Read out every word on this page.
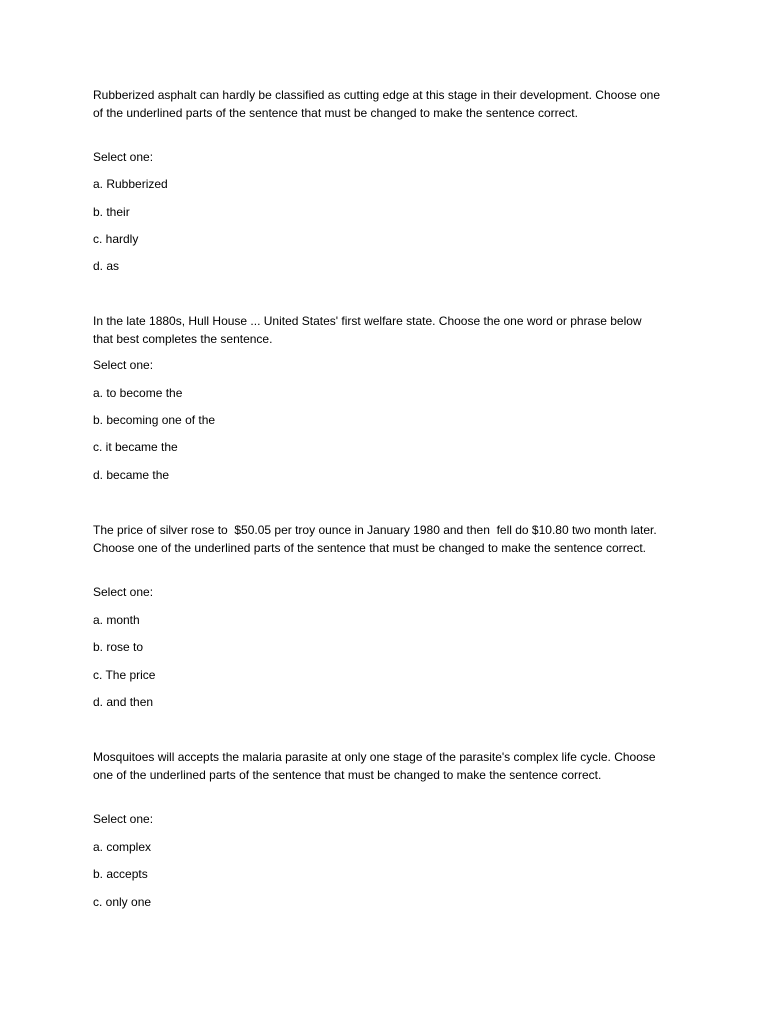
Rubberized asphalt can hardly be classified as cutting edge at this stage in their development. Choose one of the underlined parts of the sentence that must be changed to make the sentence correct.

Select one:

a. Rubberized

b. their

c. hardly

d. as

In the late 1880s, Hull House ... United States' first welfare state. Choose the one word or phrase below that best completes the sentence.

Select one:

a. to become the

b. becoming one of the

c. it became the

d. became the

The price of silver rose to  $50.05 per troy ounce in January 1980 and then  fell do $10.80 two month later. Choose one of the underlined parts of the sentence that must be changed to make the sentence correct.

Select one:

a. month

b. rose to

c. The price

d. and then

Mosquitoes will accepts the malaria parasite at only one stage of the parasite's complex life cycle. Choose one of the underlined parts of the sentence that must be changed to make the sentence correct.

Select one:

a. complex

b. accepts

c. only one
